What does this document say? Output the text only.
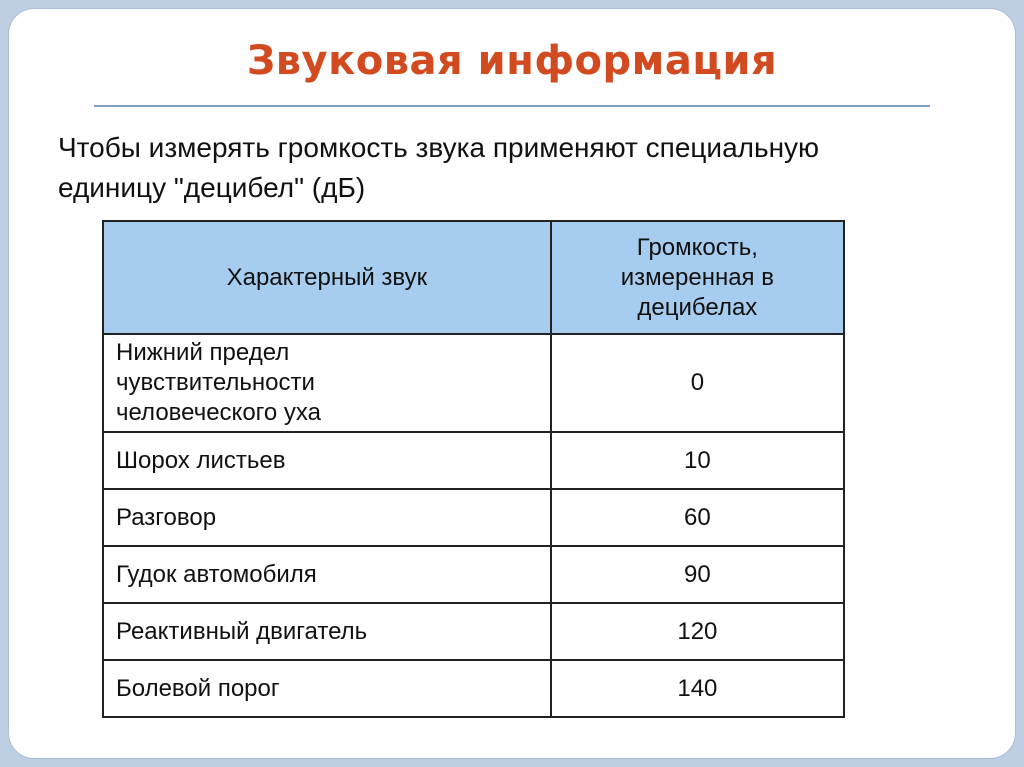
Звуковая информация
Чтобы измерять громкость звука применяют специальную
единицу "децибел" (дБ)
Характерный звук	Громкость,
измеренная в
децибелах

Нижний предел
чувствительности
человеческого уха	0
Шорох листьев	10
Разговор	60
Гудок автомобиля	90
Реактивный двигатель	120
Болевой порог	140
